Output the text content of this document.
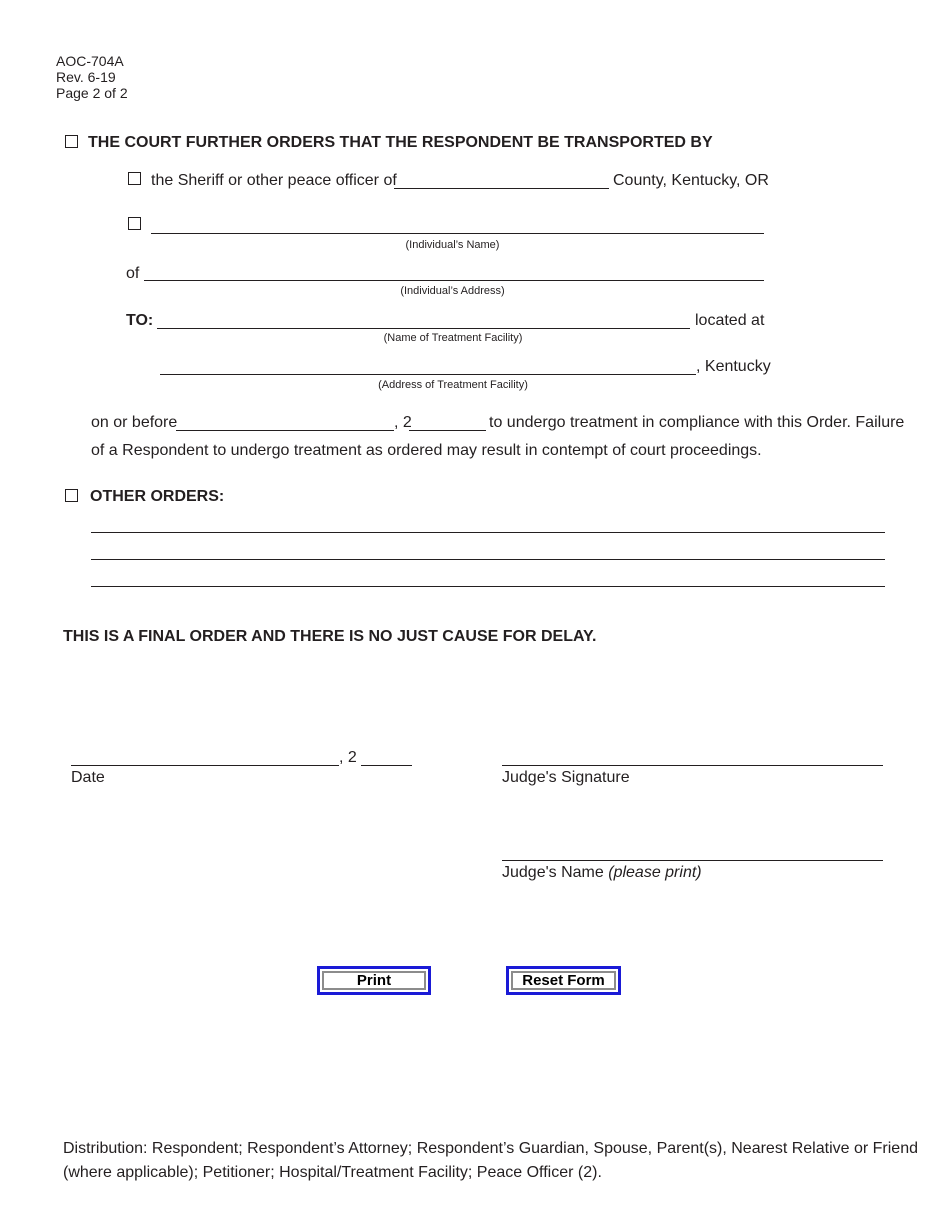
AOC-704A
Rev. 6-19
Page 2 of 2
THE COURT FURTHER ORDERS THAT THE RESPONDENT BE TRANSPORTED BY
the Sheriff or other peace officer of	County, Kentucky, OR
(Individual’s Name)
of
(Individual’s Address)
TO:	located at
(Name of Treatment Facility)
, Kentucky
(Address of Treatment Facility)
on or before	, 2	to undergo treatment in compliance with this Order. Failure
of a Respondent to undergo treatment as ordered may result in contempt of court proceedings.
OTHER ORDERS:
THIS IS A FINAL ORDER AND THERE IS NO JUST CAUSE FOR DELAY.
, 2
Date	Judge's Signature
Judge's Name (please print)
Print	Reset Form
Distribution: Respondent; Respondent’s Attorney; Respondent’s Guardian, Spouse, Parent(s), Nearest Relative or Friend
(where applicable); Petitioner; Hospital/Treatment Facility; Peace Officer (2).
